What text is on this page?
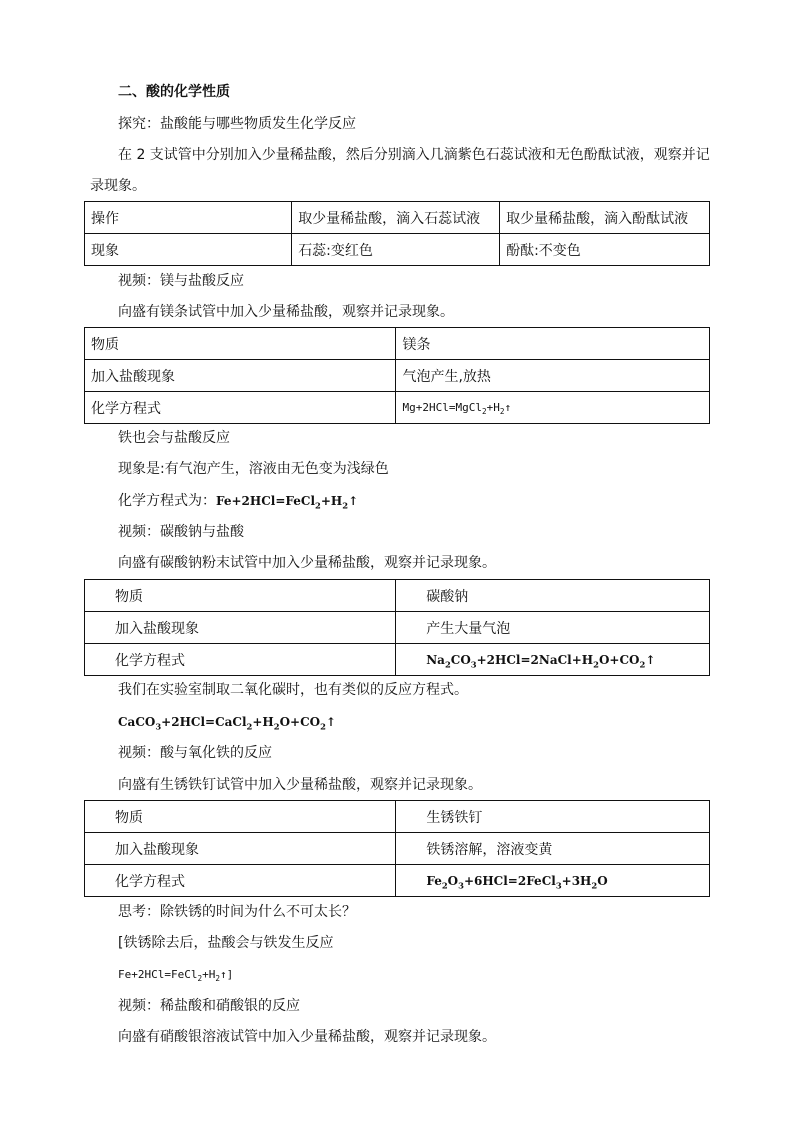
二、酸的化学性质
探究：盐酸能与哪些物质发生化学反应
在 2 支试管中分别加入少量稀盐酸，然后分别滴入几滴紫色石蕊试液和无色酚酞试液，观察并记
录现象。
操作	取少量稀盐酸，滴入石蕊试液	取少量稀盐酸，滴入酚酞试液
现象	石蕊:变红色	酚酞:不变色
视频：镁与盐酸反应
向盛有镁条试管中加入少量稀盐酸，观察并记录现象。
物质	镁条
加入盐酸现象	气泡产生,放热
化学方程式	$Mg+2HCl=MgCl_2+H_2↑$
铁也会与盐酸反应
现象是:有气泡产生，溶液由无色变为浅绿色
化学方程式为：$Fe+2HCl=FeCl_2+H_2↑$
视频：碳酸钠与盐酸
向盛有碳酸钠粉末试管中加入少量稀盐酸，观察并记录现象。
物质	碳酸钠
加入盐酸现象	产生大量气泡
化学方程式	$Na_2CO_3+2HCl=2NaCl+H_2O+CO_2↑$
我们在实验室制取二氧化碳时，也有类似的反应方程式。
$CaCO_3+2HCl=CaCl_2+H_2O+CO_2↑$
视频：酸与氧化铁的反应
向盛有生锈铁钉试管中加入少量稀盐酸，观察并记录现象。
物质	生锈铁钉
加入盐酸现象	铁锈溶解，溶液变黄
化学方程式	$Fe_2O_3+6HCl=2FeCl_3+3H_2O$
思考：除铁锈的时间为什么不可太长？
[铁锈除去后，盐酸会与铁发生反应
$Fe+2HCl=FeCl_2+H_2↑$]
视频：稀盐酸和硝酸银的反应
向盛有硝酸银溶液试管中加入少量稀盐酸，观察并记录现象。
